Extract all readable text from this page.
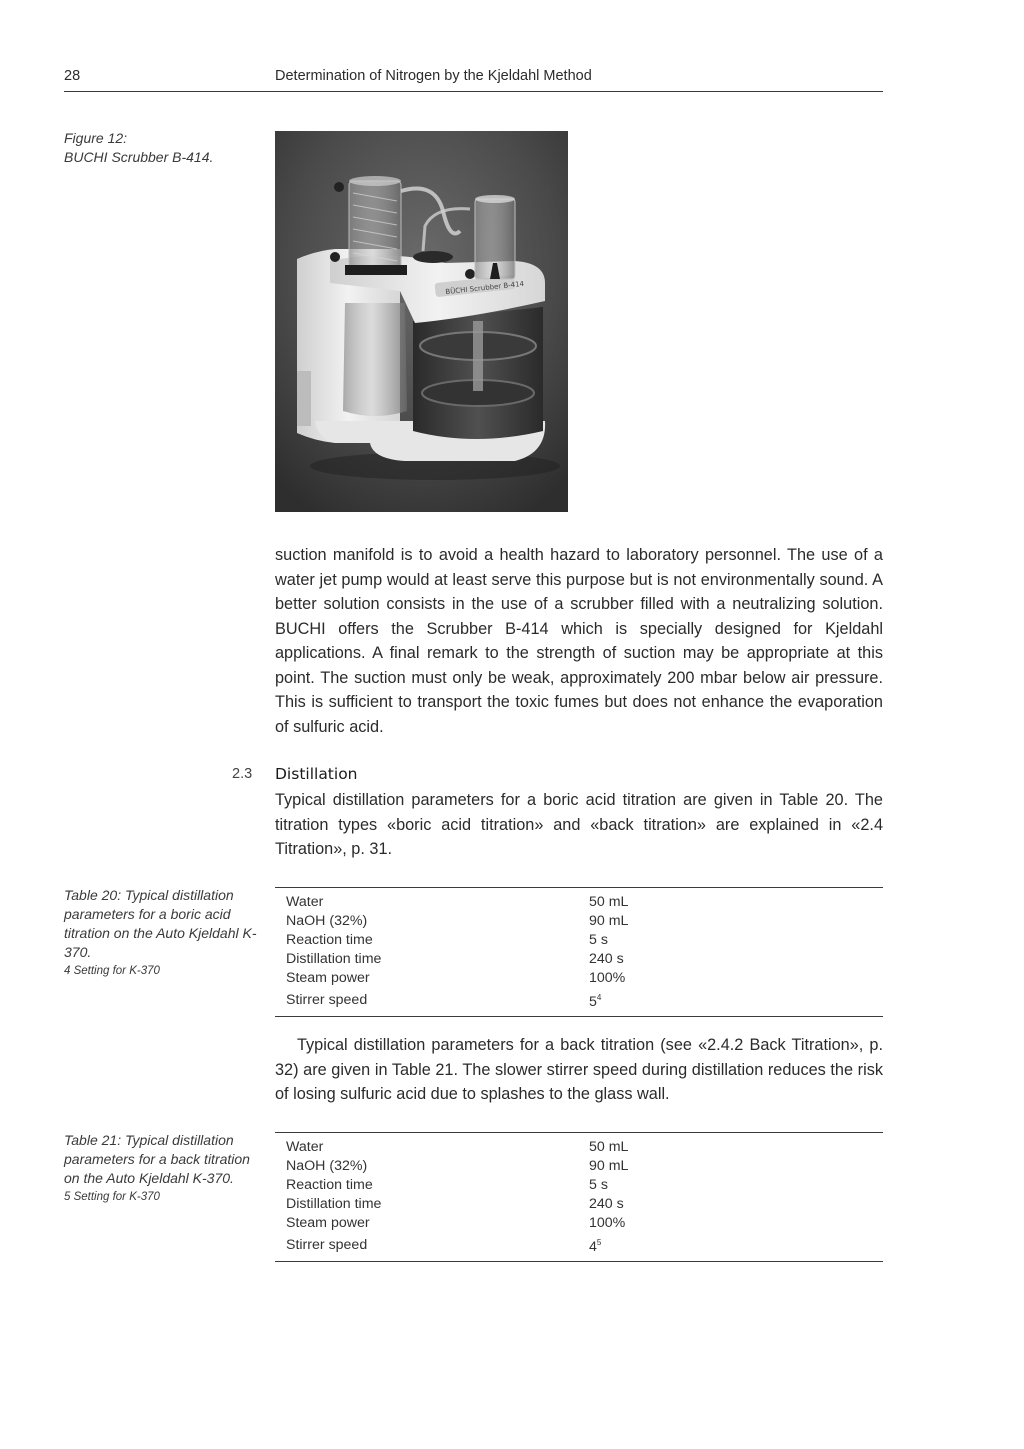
28	Determination of Nitrogen by the Kjeldahl Method
Figure 12:
BUCHI Scrubber B-414.
BÜCHI Scrubber B-414

suction manifold is to avoid a health hazard to laboratory personnel. The use of a water jet pump would at least serve this purpose but is not environmentally sound. A better solution consists in the use of a scrubber filled with a neutralizing solution. BUCHI offers the Scrubber B-414 which is specially designed for Kjeldahl applications. A final remark to the strength of suction may be appropriate at this point. The suction must only be weak, approximately 200 mbar below air pressure. This is sufficient to transport the toxic fumes but does not enhance the evaporation of sulfuric acid.

2.3 Distillation

Typical distillation parameters for a boric acid titration are given in Table 20. The titration types «boric acid titration» and «back titration» are explained in «2.4 Titration», p. 31.

Table 20: Typical distillation parameters for a boric acid titration on the Auto Kjeldahl K-370.
4 Setting for K-370
Water	50 mL
NaOH (32%)	90 mL
Reaction time	5 s
Distillation time	240 s
Steam power	100%
Stirrer speed	$5^4$

Typical distillation parameters for a back titration (see «2.4.2 Back Titration», p. 32) are given in Table 21. The slower stirrer speed during distillation reduces the risk of losing sulfuric acid due to splashes to the glass wall.

Table 21: Typical distillation parameters for a back titration on the Auto Kjeldahl K-370.
5 Setting for K-370
Water	50 mL
NaOH (32%)	90 mL
Reaction time	5 s
Distillation time	240 s
Steam power	100%
Stirrer speed	$4^5$
